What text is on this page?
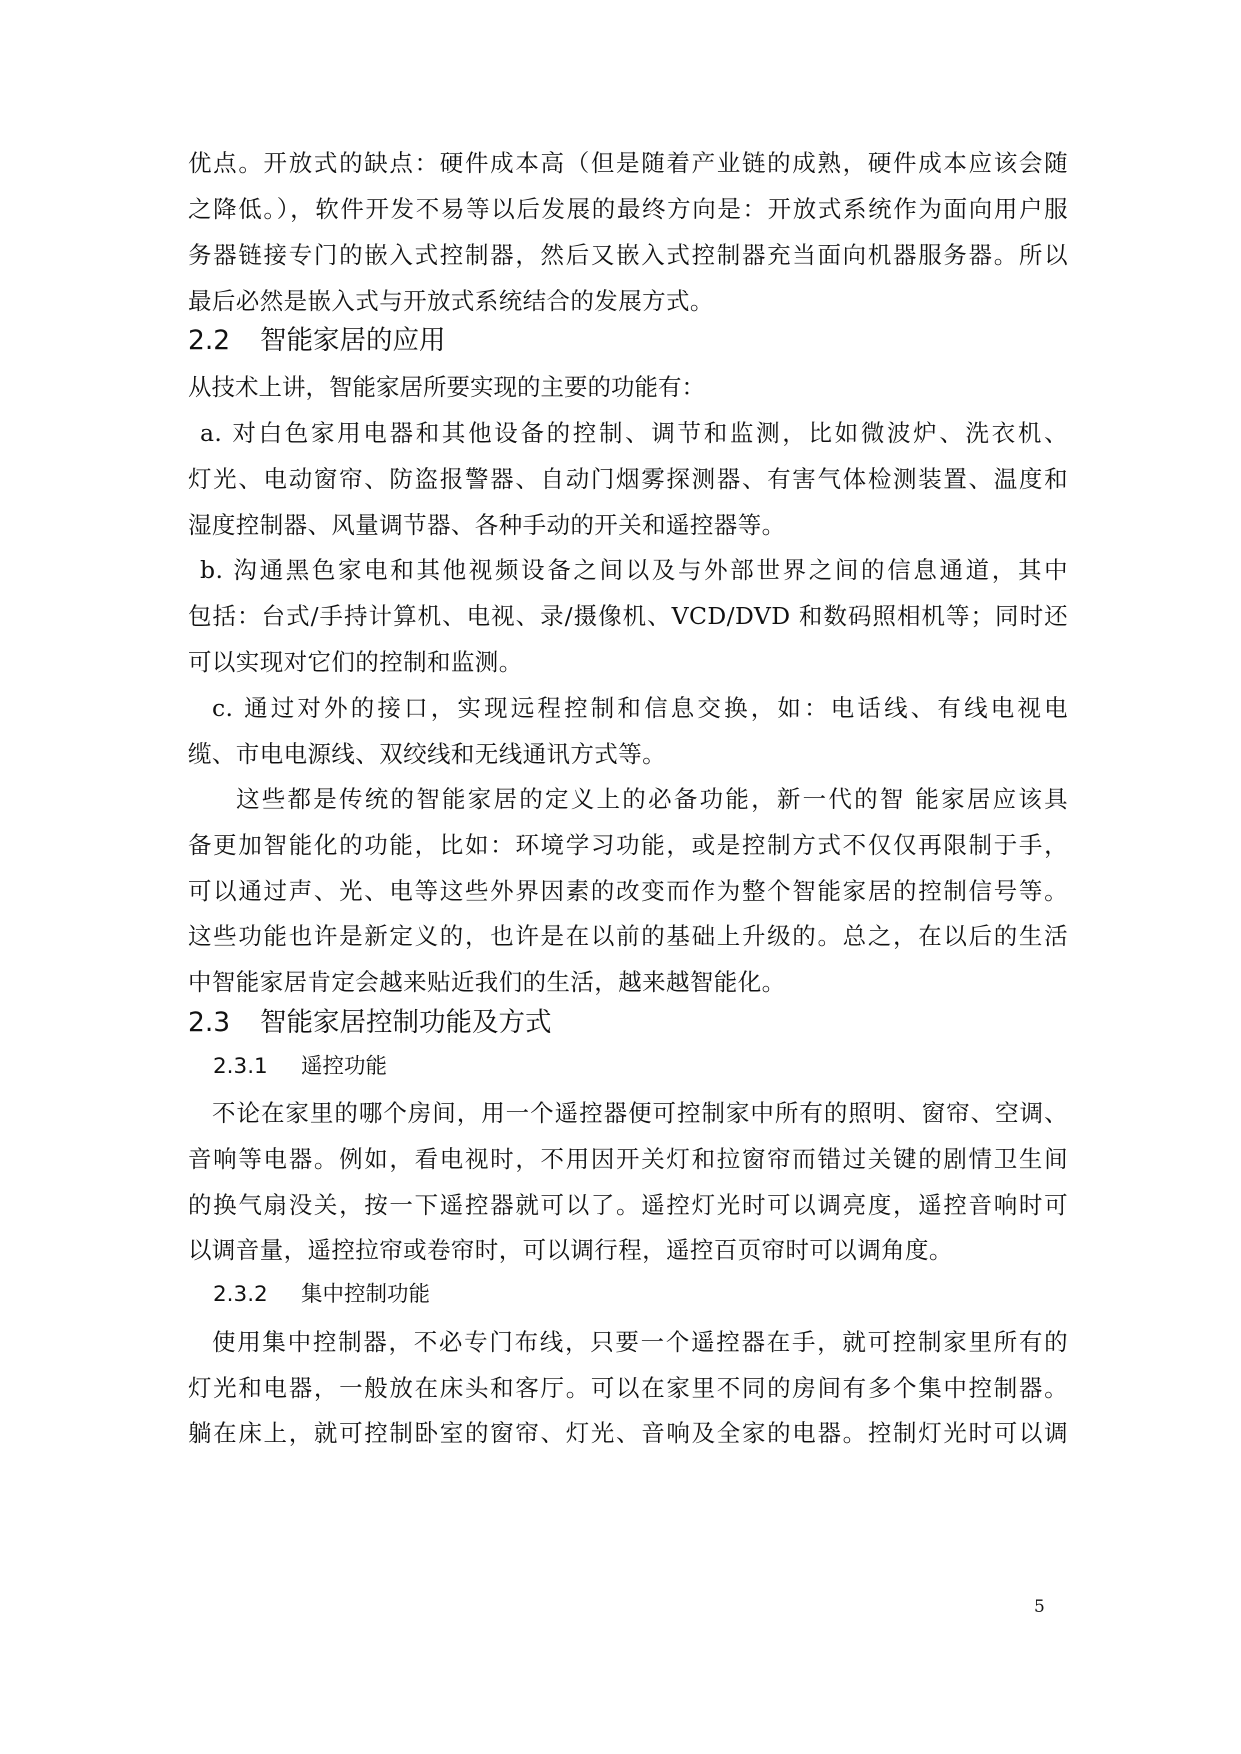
优点。开放式的缺点：硬件成本高（但是随着产业链的成熟，硬件成本应该会随
之降低。），软件开发不易等以后发展的最终方向是：开放式系统作为面向用户服
务器链接专门的嵌入式控制器，然后又嵌入式控制器充当面向机器服务器。所以
最后必然是嵌入式与开放式系统结合的发展方式。
2.2 智能家居的应用
从技术上讲，智能家居所要实现的主要的功能有：
a. 对白色家用电器和其他设备的控制、调节和监测，比如微波炉、洗衣机、
灯光、电动窗帘、防盗报警器、自动门烟雾探测器、有害气体检测装置、温度和
湿度控制器、风量调节器、各种手动的开关和遥控器等。
b. 沟通黑色家电和其他视频设备之间以及与外部世界之间的信息通道，其中
包括：台式/手持计算机、电视、录/摄像机、VCD/DVD 和数码照相机等；同时还
可以实现对它们的控制和监测。
c. 通过对外的接口，实现远程控制和信息交换，如：电话线、有线电视电
缆、市电电源线、双绞线和无线通讯方式等。
这些都是传统的智能家居的定义上的必备功能，新一代的智 能家居应该具
备更加智能化的功能，比如：环境学习功能，或是控制方式不仅仅再限制于手，
可以通过声、光、电等这些外界因素的改变而作为整个智能家居的控制信号等。
这些功能也许是新定义的，也许是在以前的基础上升级的。总之，在以后的生活
中智能家居肯定会越来贴近我们的生活，越来越智能化。
2.3 智能家居控制功能及方式
2.3.1 遥控功能
不论在家里的哪个房间，用一个遥控器便可控制家中所有的照明、窗帘、空调、
音响等电器。例如，看电视时，不用因开关灯和拉窗帘而错过关键的剧情卫生间
的换气扇没关，按一下遥控器就可以了。遥控灯光时可以调亮度，遥控音响时可
以调音量，遥控拉帘或卷帘时，可以调行程，遥控百页帘时可以调角度。
2.3.2 集中控制功能
使用集中控制器，不必专门布线，只要一个遥控器在手，就可控制家里所有的
灯光和电器，一般放在床头和客厅。可以在家里不同的房间有多个集中控制器。
躺在床上，就可控制卧室的窗帘、灯光、音响及全家的电器。控制灯光时可以调
5
